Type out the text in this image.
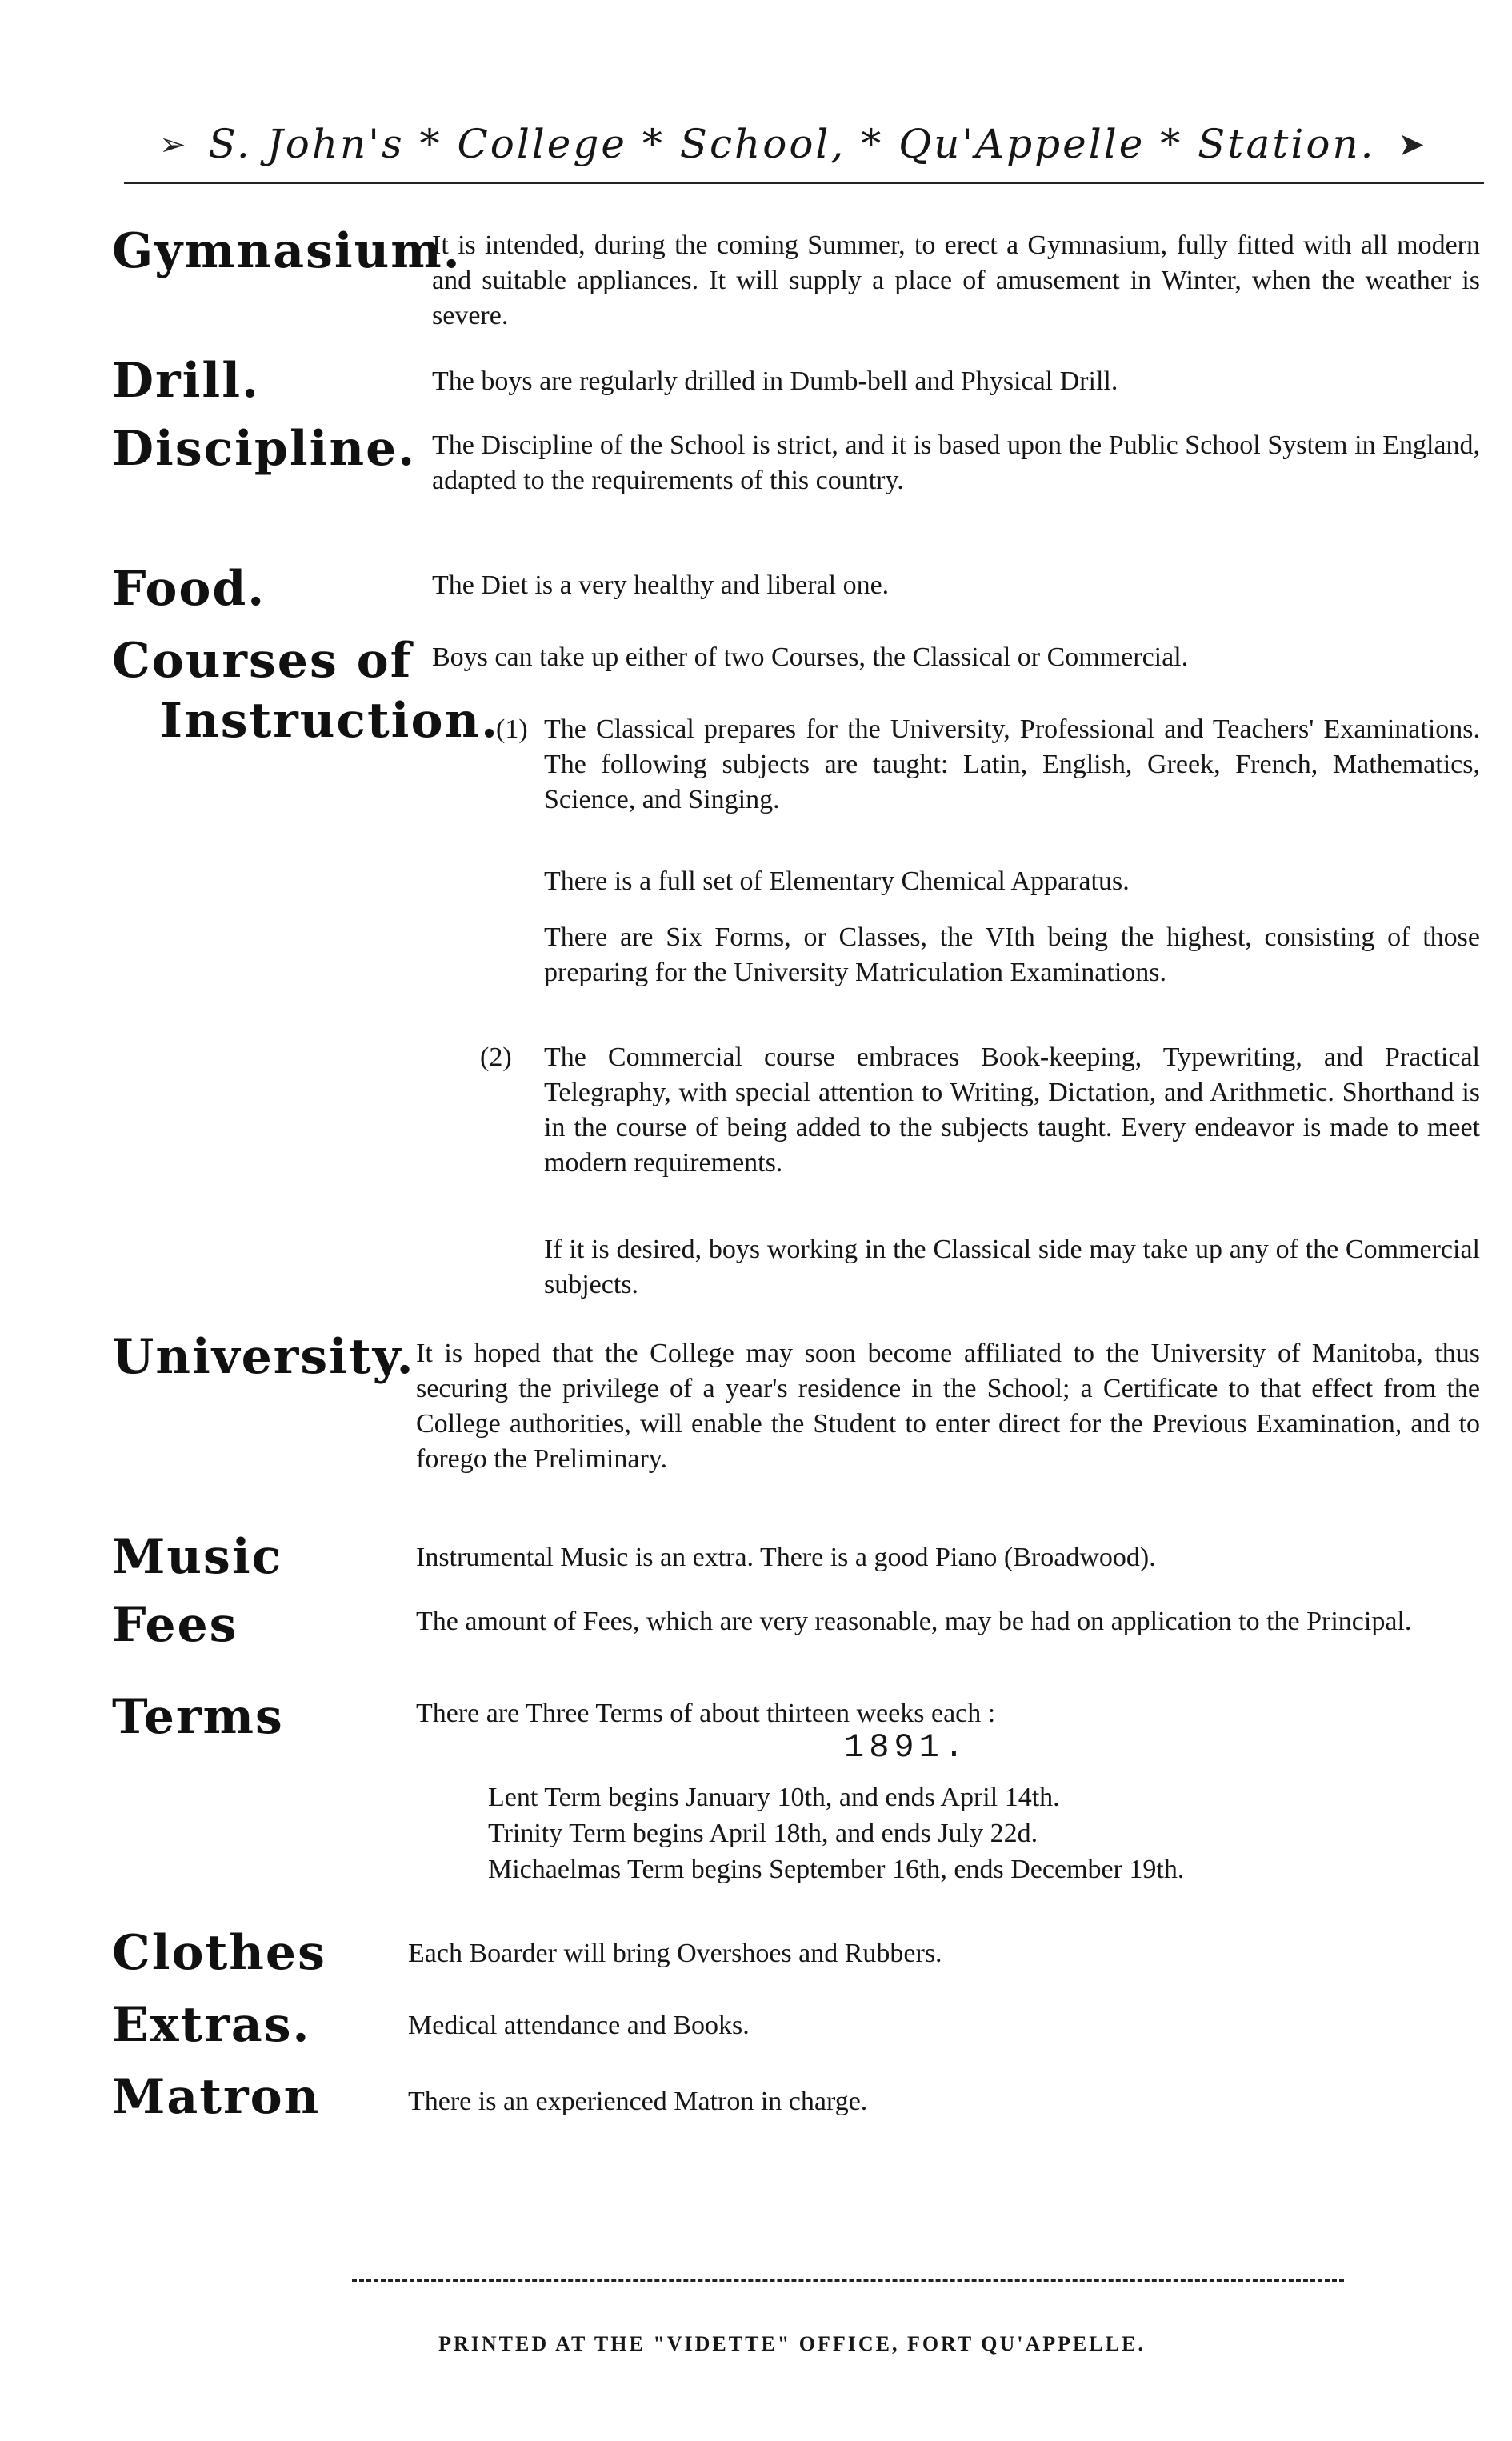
➢ S. John's * College * School, * Qu'Appelle * Station. ➤
Gymnasium.

It is intended, during the coming Summer, to erect a Gymnasium, fully fitted with all modern and suitable appliances. It will supply a place of amusement in Winter, when the weather is severe.

Drill.	The boys are regularly drilled in Dumb-bell and Physical Drill.

Discipline. The Discipline of the School is strict, and it is based upon the Public School System in England, adapted to the requirements of this country.

Food.	The Diet is a very healthy and liberal one.

Courses of
Instruction.

Boys can take up either of two Courses, the Classical or Commercial.

(1) The Classical prepares for the University, Professional and Teachers' Examinations. The following subjects are taught: Latin, English, Greek, French, Mathematics, Science, and Singing.

There is a full set of Elementary Chemical Apparatus.

There are Six Forms, or Classes, the VIth being the highest, consisting of those preparing for the University Matriculation Examinations.

(2) The Commercial course embraces Book-keeping, Typewriting, and Practical Telegraphy, with special attention to Writing, Dictation, and Arithmetic. Shorthand is in the course of being added to the subjects taught. Every endeavor is made to meet modern requirements.

If it is desired, boys working in the Classical side may take up any of the Commercial subjects.

University. It is hoped that the College may soon become affiliated to the University of Manitoba, thus securing the privilege of a year's residence in the School; a Certificate to that effect from the College authorities, will enable the Student to enter direct for the Previous Examination, and to forego the Preliminary.

Music	Instrumental Music is an extra. There is a good Piano (Broadwood).

Fees	The amount of Fees, which are very reasonable, may be had on application to the Principal.

Terms	There are Three Terms of about thirteen weeks each :

1891.

Lent Term begins January 10th, and ends April 14th.

Trinity Term begins April 18th, and ends July 22d.

Michaelmas Term begins September 16th, ends December 19th.

Clothes	Each Boarder will bring Overshoes and Rubbers.

Extras.	Medical attendance and Books.

Matron	There is an experienced Matron in charge.

PRINTED AT THE "VIDETTE" OFFICE, FORT QU'APPELLE.
